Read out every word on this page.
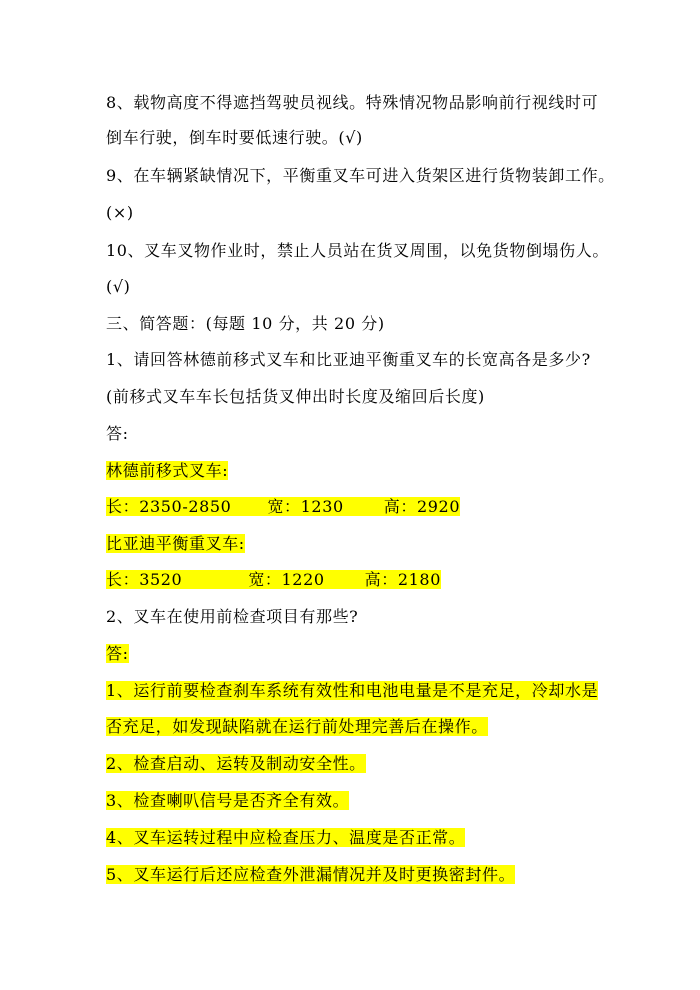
8、载物高度不得遮挡驾驶员视线。特殊情况物品影响前行视线时可
倒车行驶，倒车时要低速行驶。(√)
9、在车辆紧缺情况下，平衡重叉车可进入货架区进行货物装卸工作。
(×)
10、叉车叉物作业时，禁止人员站在货叉周围，以免货物倒塌伤人。
(√)
三、简答题：(每题 10 分，共 20 分)
1、请回答林德前移式叉车和比亚迪平衡重叉车的长宽高各是多少?
(前移式叉车车长包括货叉伸出时长度及缩回后长度)
答:
林德前移式叉车:
长：2350-2850 宽：1230	高：2920
比亚迪平衡重叉车:
长：3520	宽：1220	高：2180
2、叉车在使用前检查项目有那些?
答:
1、运行前要检查刹车系统有效性和电池电量是不是充足，冷却水是
否充足，如发现缺陷就在运行前处理完善后在操作。
2、检查启动、运转及制动安全性。
3、检查喇叭信号是否齐全有效。
4、叉车运转过程中应检查压力、温度是否正常。
5、叉车运行后还应检查外泄漏情况并及时更换密封件。
